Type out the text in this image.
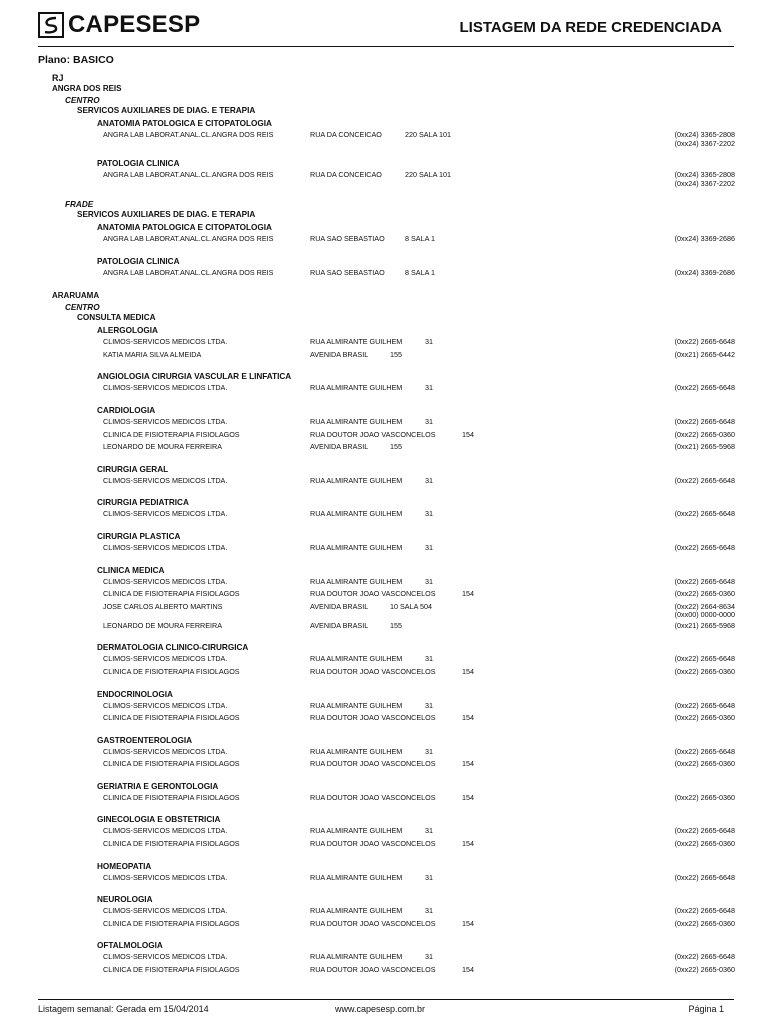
CAPESESP	LISTAGEM DA REDE CREDENCIADA
Plano: BASICO
RJ
ANGRA DOS REIS
CENTRO
SERVICOS AUXILIARES DE DIAG. E TERAPIA
ANATOMIA PATOLOGICA E CITOPATOLOGIA
ANGRA LAB LABORAT.ANAL.CL.ANGRA DOS REIS	RUA DA CONCEICAO	220 SALA 101	(0xx24) 3365-2808
(0xx24) 3367-2202
PATOLOGIA CLINICA
ANGRA LAB LABORAT.ANAL.CL.ANGRA DOS REIS	RUA DA CONCEICAO	220 SALA 101	(0xx24) 3365-2808
(0xx24) 3367-2202
FRADE
SERVICOS AUXILIARES DE DIAG. E TERAPIA
ANATOMIA PATOLOGICA E CITOPATOLOGIA
ANGRA LAB LABORAT.ANAL.CL.ANGRA DOS REIS	RUA SAO SEBASTIAO	8 SALA 1	(0xx24) 3369-2686
PATOLOGIA CLINICA
ANGRA LAB LABORAT.ANAL.CL.ANGRA DOS REIS	RUA SAO SEBASTIAO	8 SALA 1	(0xx24) 3369-2686
ARARUAMA
CENTRO
CONSULTA MEDICA
ALERGOLOGIA
CLIMOS-SERVICOS MEDICOS LTDA.	RUA ALMIRANTE GUILHEM	31	(0xx22) 2665-6648
KATIA MARIA SILVA ALMEIDA	AVENIDA BRASIL	155	(0xx21) 2665-6442
ANGIOLOGIA CIRURGIA VASCULAR E LINFATICA
CLIMOS-SERVICOS MEDICOS LTDA.	RUA ALMIRANTE GUILHEM	31	(0xx22) 2665-6648
CARDIOLOGIA
CLIMOS-SERVICOS MEDICOS LTDA.	RUA ALMIRANTE GUILHEM	31	(0xx22) 2665-6648
CLINICA DE FISIOTERAPIA FISIOLAGOS	RUA DOUTOR JOAO VASCONCELOS	154	(0xx22) 2665-0360
LEONARDO DE MOURA FERREIRA	AVENIDA BRASIL	155	(0xx21) 2665-5968
CIRURGIA GERAL
CLIMOS-SERVICOS MEDICOS LTDA.	RUA ALMIRANTE GUILHEM	31	(0xx22) 2665-6648
CIRURGIA PEDIATRICA
CLIMOS-SERVICOS MEDICOS LTDA.	RUA ALMIRANTE GUILHEM	31	(0xx22) 2665-6648
CIRURGIA PLASTICA
CLIMOS-SERVICOS MEDICOS LTDA.	RUA ALMIRANTE GUILHEM	31	(0xx22) 2665-6648
CLINICA MEDICA
CLIMOS-SERVICOS MEDICOS LTDA.	RUA ALMIRANTE GUILHEM	31	(0xx22) 2665-6648
CLINICA DE FISIOTERAPIA FISIOLAGOS	RUA DOUTOR JOAO VASCONCELOS	154	(0xx22) 2665-0360
JOSE CARLOS ALBERTO MARTINS	AVENIDA BRASIL	10 SALA 504	(0xx22) 2664-8634
(0xx00) 0000-0000
LEONARDO DE MOURA FERREIRA	AVENIDA BRASIL	155	(0xx21) 2665-5968
DERMATOLOGIA CLINICO-CIRURGICA
CLIMOS-SERVICOS MEDICOS LTDA.	RUA ALMIRANTE GUILHEM	31	(0xx22) 2665-6648
CLINICA DE FISIOTERAPIA FISIOLAGOS	RUA DOUTOR JOAO VASCONCELOS	154	(0xx22) 2665-0360
ENDOCRINOLOGIA
CLIMOS-SERVICOS MEDICOS LTDA.	RUA ALMIRANTE GUILHEM	31	(0xx22) 2665-6648
CLINICA DE FISIOTERAPIA FISIOLAGOS	RUA DOUTOR JOAO VASCONCELOS	154	(0xx22) 2665-0360
GASTROENTEROLOGIA
CLIMOS-SERVICOS MEDICOS LTDA.	RUA ALMIRANTE GUILHEM	31	(0xx22) 2665-6648
CLINICA DE FISIOTERAPIA FISIOLAGOS	RUA DOUTOR JOAO VASCONCELOS	154	(0xx22) 2665-0360
GERIATRIA E GERONTOLOGIA
CLINICA DE FISIOTERAPIA FISIOLAGOS	RUA DOUTOR JOAO VASCONCELOS	154	(0xx22) 2665-0360
GINECOLOGIA E OBSTETRICIA
CLIMOS-SERVICOS MEDICOS LTDA.	RUA ALMIRANTE GUILHEM	31	(0xx22) 2665-6648
CLINICA DE FISIOTERAPIA FISIOLAGOS	RUA DOUTOR JOAO VASCONCELOS	154	(0xx22) 2665-0360
HOMEOPATIA
CLIMOS-SERVICOS MEDICOS LTDA.	RUA ALMIRANTE GUILHEM	31	(0xx22) 2665-6648
NEUROLOGIA
CLIMOS-SERVICOS MEDICOS LTDA.	RUA ALMIRANTE GUILHEM	31	(0xx22) 2665-6648
CLINICA DE FISIOTERAPIA FISIOLAGOS	RUA DOUTOR JOAO VASCONCELOS	154	(0xx22) 2665-0360
OFTALMOLOGIA
CLIMOS-SERVICOS MEDICOS LTDA.	RUA ALMIRANTE GUILHEM	31	(0xx22) 2665-6648
CLINICA DE FISIOTERAPIA FISIOLAGOS	RUA DOUTOR JOAO VASCONCELOS	154	(0xx22) 2665-0360
Listagem semanal: Gerada em 15/04/2014	www.capesesp.com.br	Página 1
